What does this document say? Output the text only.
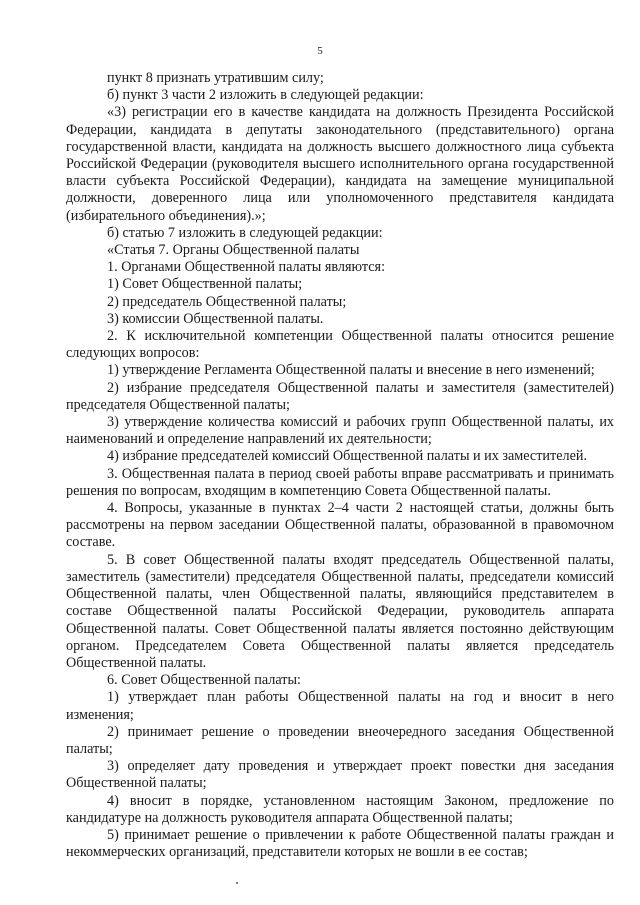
5

пункт 8 признать утратившим силу;

б) пункт 3 части 2 изложить в следующей редакции:

«3) регистрации его в качестве кандидата на должность Президента Российской Федерации, кандидата в депутаты законодательного (представительного) органа государственной власти, кандидата на должность высшего должностного лица субъекта Российской Федерации (руководителя высшего исполнительного органа государственной власти субъекта Российской Федерации), кандидата на замещение муниципальной должности, доверенного лица или уполномоченного представителя кандидата (избирательного объединения).»;

б) статью 7 изложить в следующей редакции:

«Статья 7. Органы Общественной палаты

1. Органами Общественной палаты являются:

1) Совет Общественной палаты;

2) председатель Общественной палаты;

3) комиссии Общественной палаты.

2. К исключительной компетенции Общественной палаты относится решение следующих вопросов:

1) утверждение Регламента Общественной палаты и внесение в него изменений;

2) избрание председателя Общественной палаты и заместителя (заместителей) председателя Общественной палаты;

3) утверждение количества комиссий и рабочих групп Общественной палаты, их наименований и определение направлений их деятельности;

4) избрание председателей комиссий Общественной палаты и их заместителей.

3. Общественная палата в период своей работы вправе рассматривать и принимать решения по вопросам, входящим в компетенцию Совета Общественной палаты.

4. Вопросы, указанные в пунктах 2–4 части 2 настоящей статьи, должны быть рассмотрены на первом заседании Общественной палаты, образованной в правомочном составе.

5. В совет Общественной палаты входят председатель Общественной палаты, заместитель (заместители) председателя Общественной палаты, председатели комиссий Общественной палаты, член Общественной палаты, являющийся представителем в составе Общественной палаты Российской Федерации, руководитель аппарата Общественной палаты. Совет Общественной палаты является постоянно действующим органом. Председателем Совета Общественной палаты является председатель Общественной палаты.

6. Совет Общественной палаты:

1) утверждает план работы Общественной палаты на год и вносит в него изменения;

2) принимает решение о проведении внеочередного заседания Общественной палаты;

3) определяет дату проведения и утверждает проект повестки дня заседания Общественной палаты;

4) вносит в порядке, установленном настоящим Законом, предложение по кандидатуре на должность руководителя аппарата Общественной палаты;

5) принимает решение о привлечении к работе Общественной палаты граждан и некоммерческих организаций, представители которых не вошли в ее состав;
